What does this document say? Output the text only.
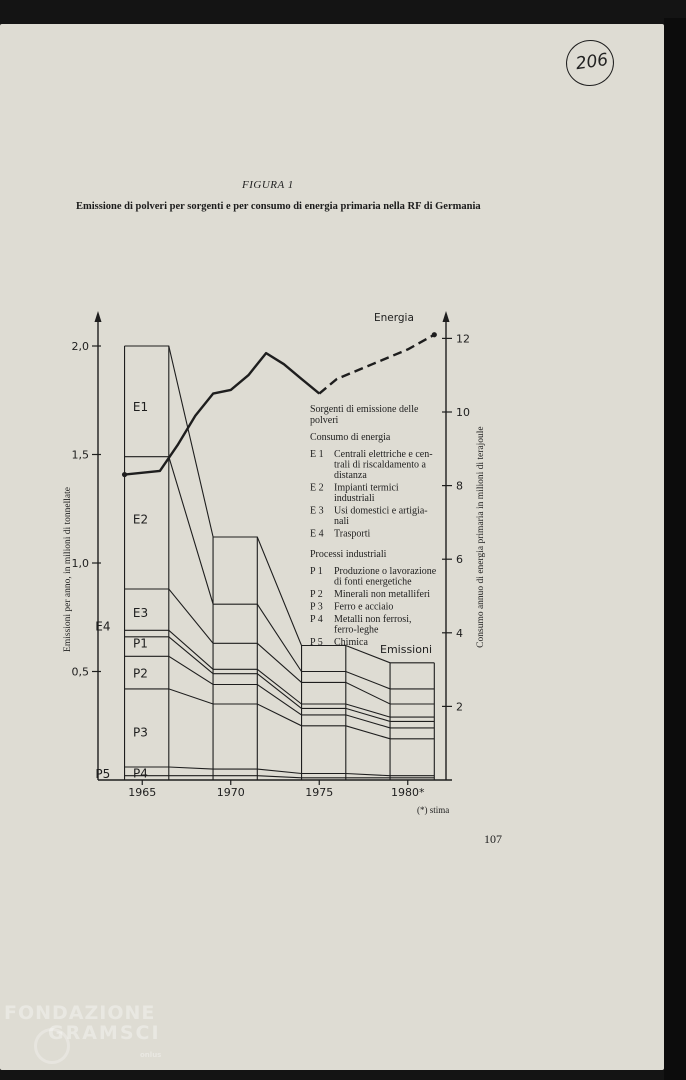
206
FIGURA 1
Emissione di polveri per sorgenti e per consumo di energia primaria nella RF di Germania
0,5
1,0
1,5
2,0
2
4
6
8
10
12
1965	1970	1975	1980*
Emissioni per anno, in milioni di tonnellate	Consumo annuo di energia primaria in milioni di terajoule
E1
E2
E3
P1
P2
P3
P4
E4
P5
Energia
Emissioni
Sorgenti di emissione delle
polveri
Consumo di energia
E 1 Centrali elettriche e cen-
trali di riscaldamento a
distanza
E 2 Impianti termici
industriali
E 3 Usi domestici e artigia-
nali
E 4 Trasporti
Processi industriali
P 1 Produzione o lavorazione
di fonti energetiche
P 2 Minerali non metalliferi
P 3 Ferro e acciaio
P 4 Metalli non ferrosi,
ferro-leghe
P 5 Chimica
(*) stima
107
FONDAZIONE
GRAMSCI
onlus
